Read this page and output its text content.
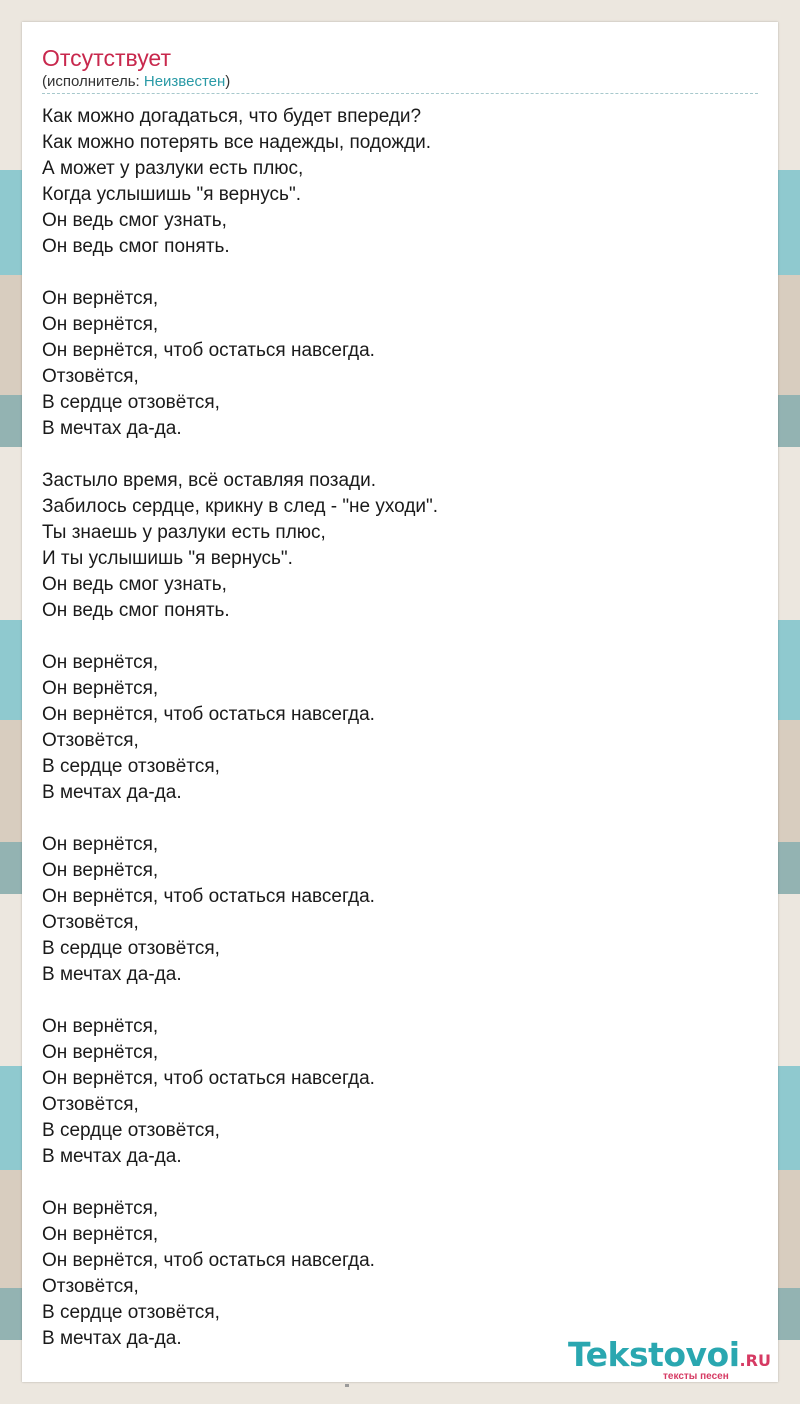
Отсутствует
(исполнитель: Неизвестен)
Как можно догадаться, что будет впереди?
Как можно потерять все надежды, подожди.
А может у разлуки есть плюс,
Когда услышишь "я вернусь".
Он ведь смог узнать,
Он ведь смог понять.
Он вернётся,
Он вернётся,
Он вернётся, чтоб остаться навсегда.
Отзовётся,
В сердце отзовётся,
В мечтах да-да.
Застыло время, всё оставляя позади.
Забилось сердце, крикну в след - "не уходи".
Ты знаешь у разлуки есть плюс,
И ты услышишь "я вернусь".
Он ведь смог узнать,
Он ведь смог понять.
Он вернётся,
Он вернётся,
Он вернётся, чтоб остаться навсегда.
Отзовётся,
В сердце отзовётся,
В мечтах да-да.
Он вернётся,
Он вернётся,
Он вернётся, чтоб остаться навсегда.
Отзовётся,
В сердце отзовётся,
В мечтах да-да.
Он вернётся,
Он вернётся,
Он вернётся, чтоб остаться навсегда.
Отзовётся,
В сердце отзовётся,
В мечтах да-да.
Он вернётся,
Он вернётся,
Он вернётся, чтоб остаться навсегда.
Отзовётся,
В сердце отзовётся,
В мечтах да-да.	Tekstovoi.RU
тексты песен
